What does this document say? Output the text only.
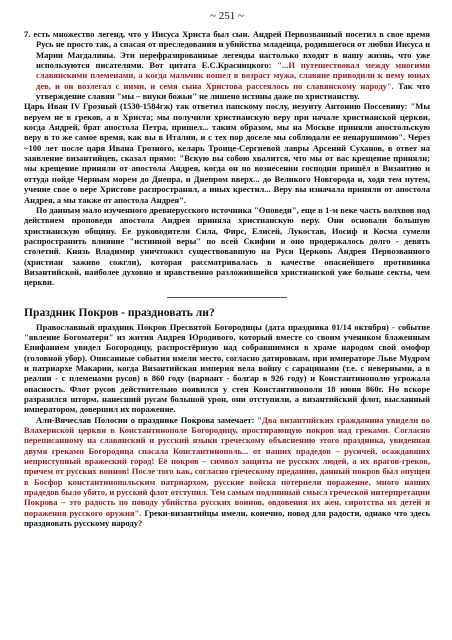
~ 251 ~

7. есть множество легенд, что у Иисуса Христа был сын. Андрей Первозванный посетил в свое время Русь не просто так, а спасая от преследования и убийства младенца, родившегося от любви Иисуса и Марии Магдалины. Эти перефразированные легенды настолько входят в нашу жизнь, что уже используются писателями. Вот цитата Е.С.Красницкого: "...И путешествовал между многими славянскими племенами, а когда мальчик вошел в возраст мужа, славяне приводили к нему юных дев, и он возлегал с ними, и семя сына Христова рассеялось по славянскому народу". Так что утверждение славян "мы – внуки божьи" не лишено истины даже по христианству.

Царь Иван IV Грозный (1530-1584гж) так ответил папскому послу, иезуиту Антонию Поссевину: "Мы веруем не в греков, а в Христа; мы получили христианскую веру при начале христианской церкви, когда Андрей, брат апостола Петра, пришел... таким образом, мы на Москве приняли апостольскую веру в то же самое время, как вы в Италии, и с тех пор доселе мы соблюдали ее ненарушимою". Через ~100 лет после царя Ивана Грозного, келарь Троице-Сергиевой лавры Арсений Суханов, в ответ на заявление византийцев, сказал прямо: "Вскую вы собою хвалится, что мы от вас крещение приняли; мы крещение приняли от апостола Андрея, когда он по вознесении господни пришёл в Византию и оттуда пойде Черным морем до Днепра, и Днепром вверх... до Великого Новгорода и, ходя тем путем, учение свое о вере Христове распространял, а иных крестил... Веру вы изначала приняли от апостола Андрея, а мы также от апостола Андрея".

По данным мало изученного древнерусского источника "Оповеди", еще в 1-м веке часть волхвов под действием проповеди апостола Андрея приняла христианскую веру. Они основали большую христианскую общину. Ее руководители Сила, Фирс, Елисей, Лукостав, Иосиф и Косма сумели распространить влияние "истинной веры" по всей Скифии и оно продержалось долго - девять столетий. Князь Владимир уничтожил существовавшую на Руси Церковь Андрея Первозванного (христиан заживо сожгли), которая рассматривалась в качестве опаснейшего противника Византийской, наиболее духовно и нравственно разложившейся христианской уже больше секты, чем церкви.

Праздник Покров - праздновать ли?

Православный праздник Покров Пресвятой Богородицы (дата праздника 01/14 октября) - событие "явление Богоматери" из жития Андрея Юродивого, который вместе со своим учеником блаженным Епифанием увидел Богородицу, распростёршую над собравшимися в храме народом свой омофор (головной убор). Описанные события имели место, согласно датировкам, при императоре Льве Мудром и патриархе Макарии, когда Византийская империя вела войну с сарацинами (т.е. с неверными, а в реалии - с племенами русов) в 860 году (вариант - болгар в 926 году) и Константинополю угрожала опасность. Флот русов действительно появился у стен Константинополя 18 июня 860г. Но вскоре разразился шторм, нанесший русам большой урон, они отступили, а византийский флот, высланный императором, довершил их поражение.

Али-Вячеслав Полосин о празднике Покрова замечает: "Два византийских гражданина увидели во Влахернской церкви в Константинополе Богородицу, простирающую покров над греками. Согласно переписанному на славянский и русский языки греческому объяснению этого праздника, увиденная двумя греками Богородица спасала Константинополь... от наших прадедов – русичей, осаждавших неприступный вражеский город! Её покров – символ защиты не русских людей, а их врагов-греков, причем от русских воинов! После того как, согласно греческому преданию, данный покров был опущен в Босфор константинопольским патриархом, русские войска потерпели поражение, много наших прадедов было убито, и русский флот отступил. Тем самым подлинный смысл греческой интерпретации Покрова – это радость по поводу убийства русских воинов, овдовения их жен, сиротства их детей и поражения русского оружия". Греки-византийцы имели, конечно, повод для радости, однако что здесь праздновать русскому народу?
